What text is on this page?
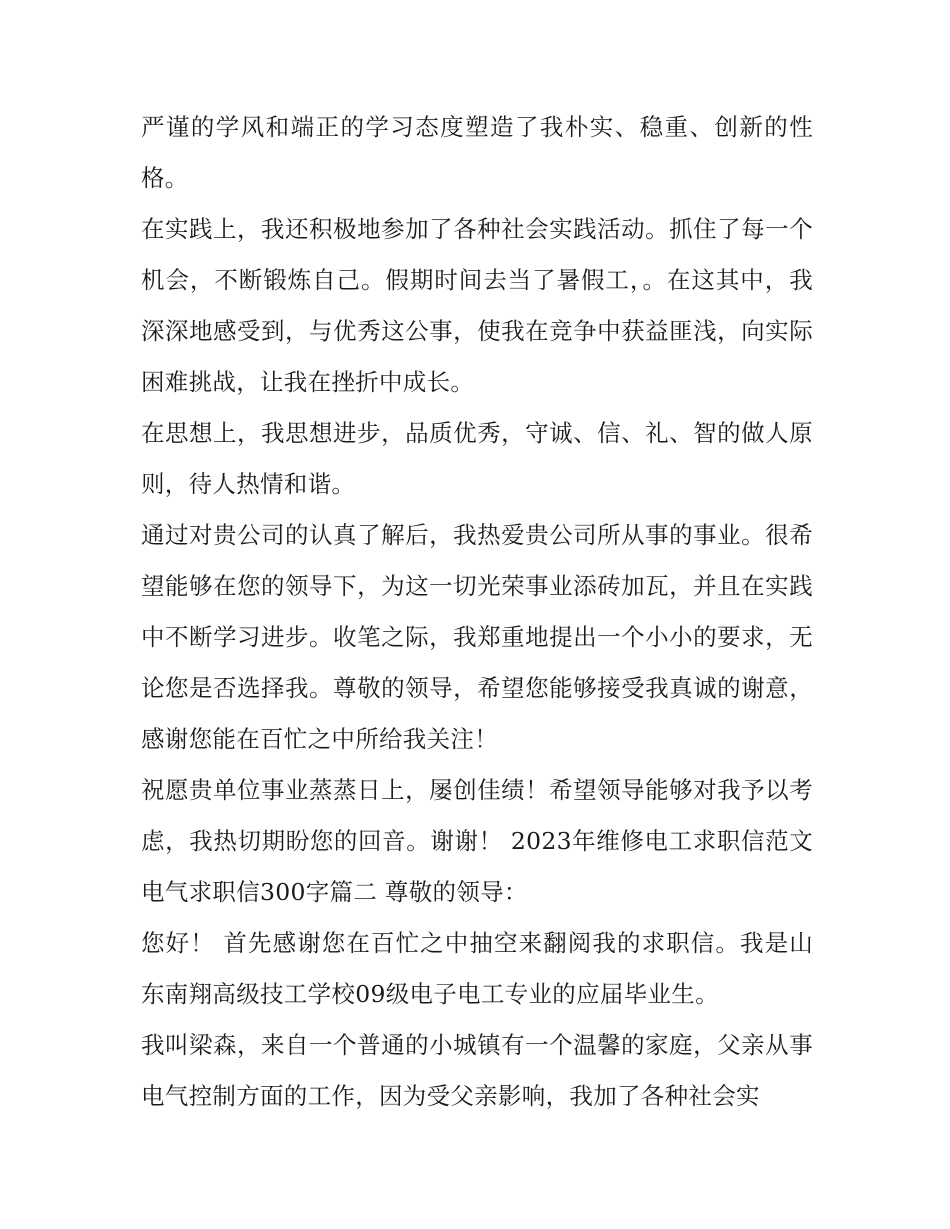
严谨的学风和端正的学习态度塑造了我朴实、稳重、创新的性格。

在实践上，我还积极地参加了各种社会实践活动。抓住了每一个机会，不断锻炼自己。假期时间去当了暑假工，。在这其中，我深深地感受到，与优秀这公事，使我在竞争中获益匪浅，向实际困难挑战，让我在挫折中成长。

在思想上，我思想进步，品质优秀，守诚、信、礼、智的做人原则，待人热情和谐。

通过对贵公司的认真了解后，我热爱贵公司所从事的事业。很希望能够在您的领导下，为这一切光荣事业添砖加瓦，并且在实践中不断学习进步。收笔之际，我郑重地提出一个小小的要求，无论您是否选择我。尊敬的领导，希望您能够接受我真诚的谢意，感谢您能在百忙之中所给我关注！

祝愿贵单位事业蒸蒸日上，屡创佳绩！希望领导能够对我予以考虑，我热切期盼您的回音。谢谢！ 2023年维修电工求职信范文 电气求职信300字篇二 尊敬的领导：

您好！ 首先感谢您在百忙之中抽空来翻阅我的求职信。我是山东南翔高级技工学校09级电子电工专业的应届毕业生。

我叫梁森，来自一个普通的小城镇有一个温馨的家庭，父亲从事电气控制方面的工作，因为受父亲影响，我加了各种社会实
